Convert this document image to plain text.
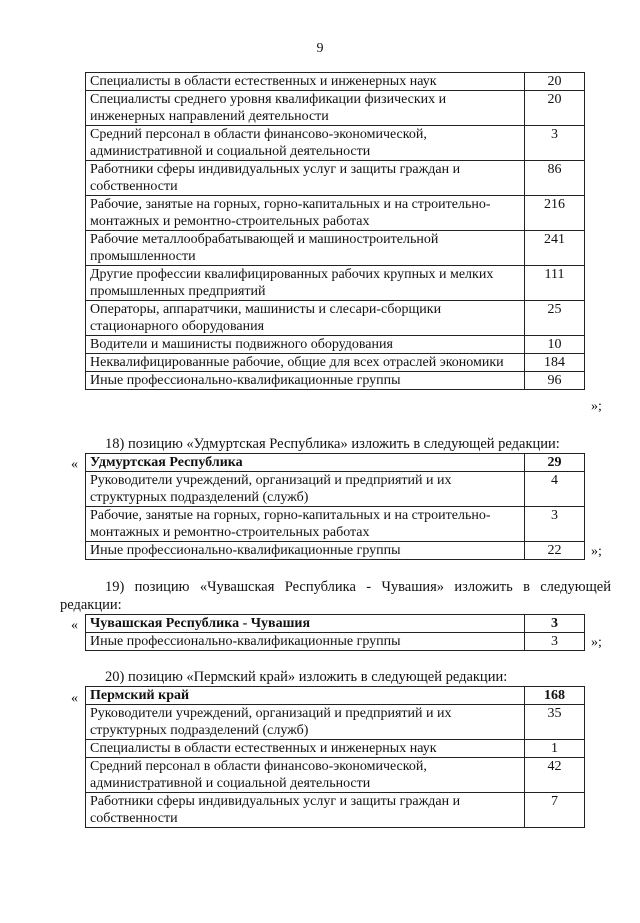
9
Специалисты в области естественных и инженерных наук	20
Специалисты среднего уровня квалификации физических и инженерных направлений деятельности	20
Средний персонал в области финансово-экономической, административной и социальной деятельности	3
Работники сферы индивидуальных услуг и защиты граждан и собственности	86
Рабочие, занятые на горных, горно-капитальных и на строительно-монтажных и ремонтно-строительных работах	216
Рабочие металлообрабатывающей и машиностроительной промышленности	241
Другие профессии квалифицированных рабочих крупных и мелких промышленных предприятий	111
Операторы, аппаратчики, машинисты и слесари-сборщики стационарного оборудования	25
Водители и машинисты подвижного оборудования	10
Неквалифицированные рабочие, общие для всех отраслей экономики	184
Иные профессионально-квалификационные группы	96
»;
18) позицию «Удмуртская Республика» изложить в следующей редакции:
« Удмуртская Республика	29
Руководители учреждений, организаций и предприятий и их структурных подразделений (служб)	4
Рабочие, занятые на горных, горно-капитальных и на строительно-монтажных и ремонтно-строительных работах	3
Иные профессионально-квалификационные группы	22 »;
19) позицию «Чувашская Республика - Чувашия» изложить в следующей
редакции:
« Чувашская Республика - Чувашия	3
Иные профессионально-квалификационные группы	3 »;
20) позицию «Пермский край» изложить в следующей редакции:
« Пермский край	168
Руководители учреждений, организаций и предприятий и их структурных подразделений (служб)	35
Специалисты в области естественных и инженерных наук	1
Средний персонал в области финансово-экономической, административной и социальной деятельности	42
Работники сферы индивидуальных услуг и защиты граждан и собственности	7
